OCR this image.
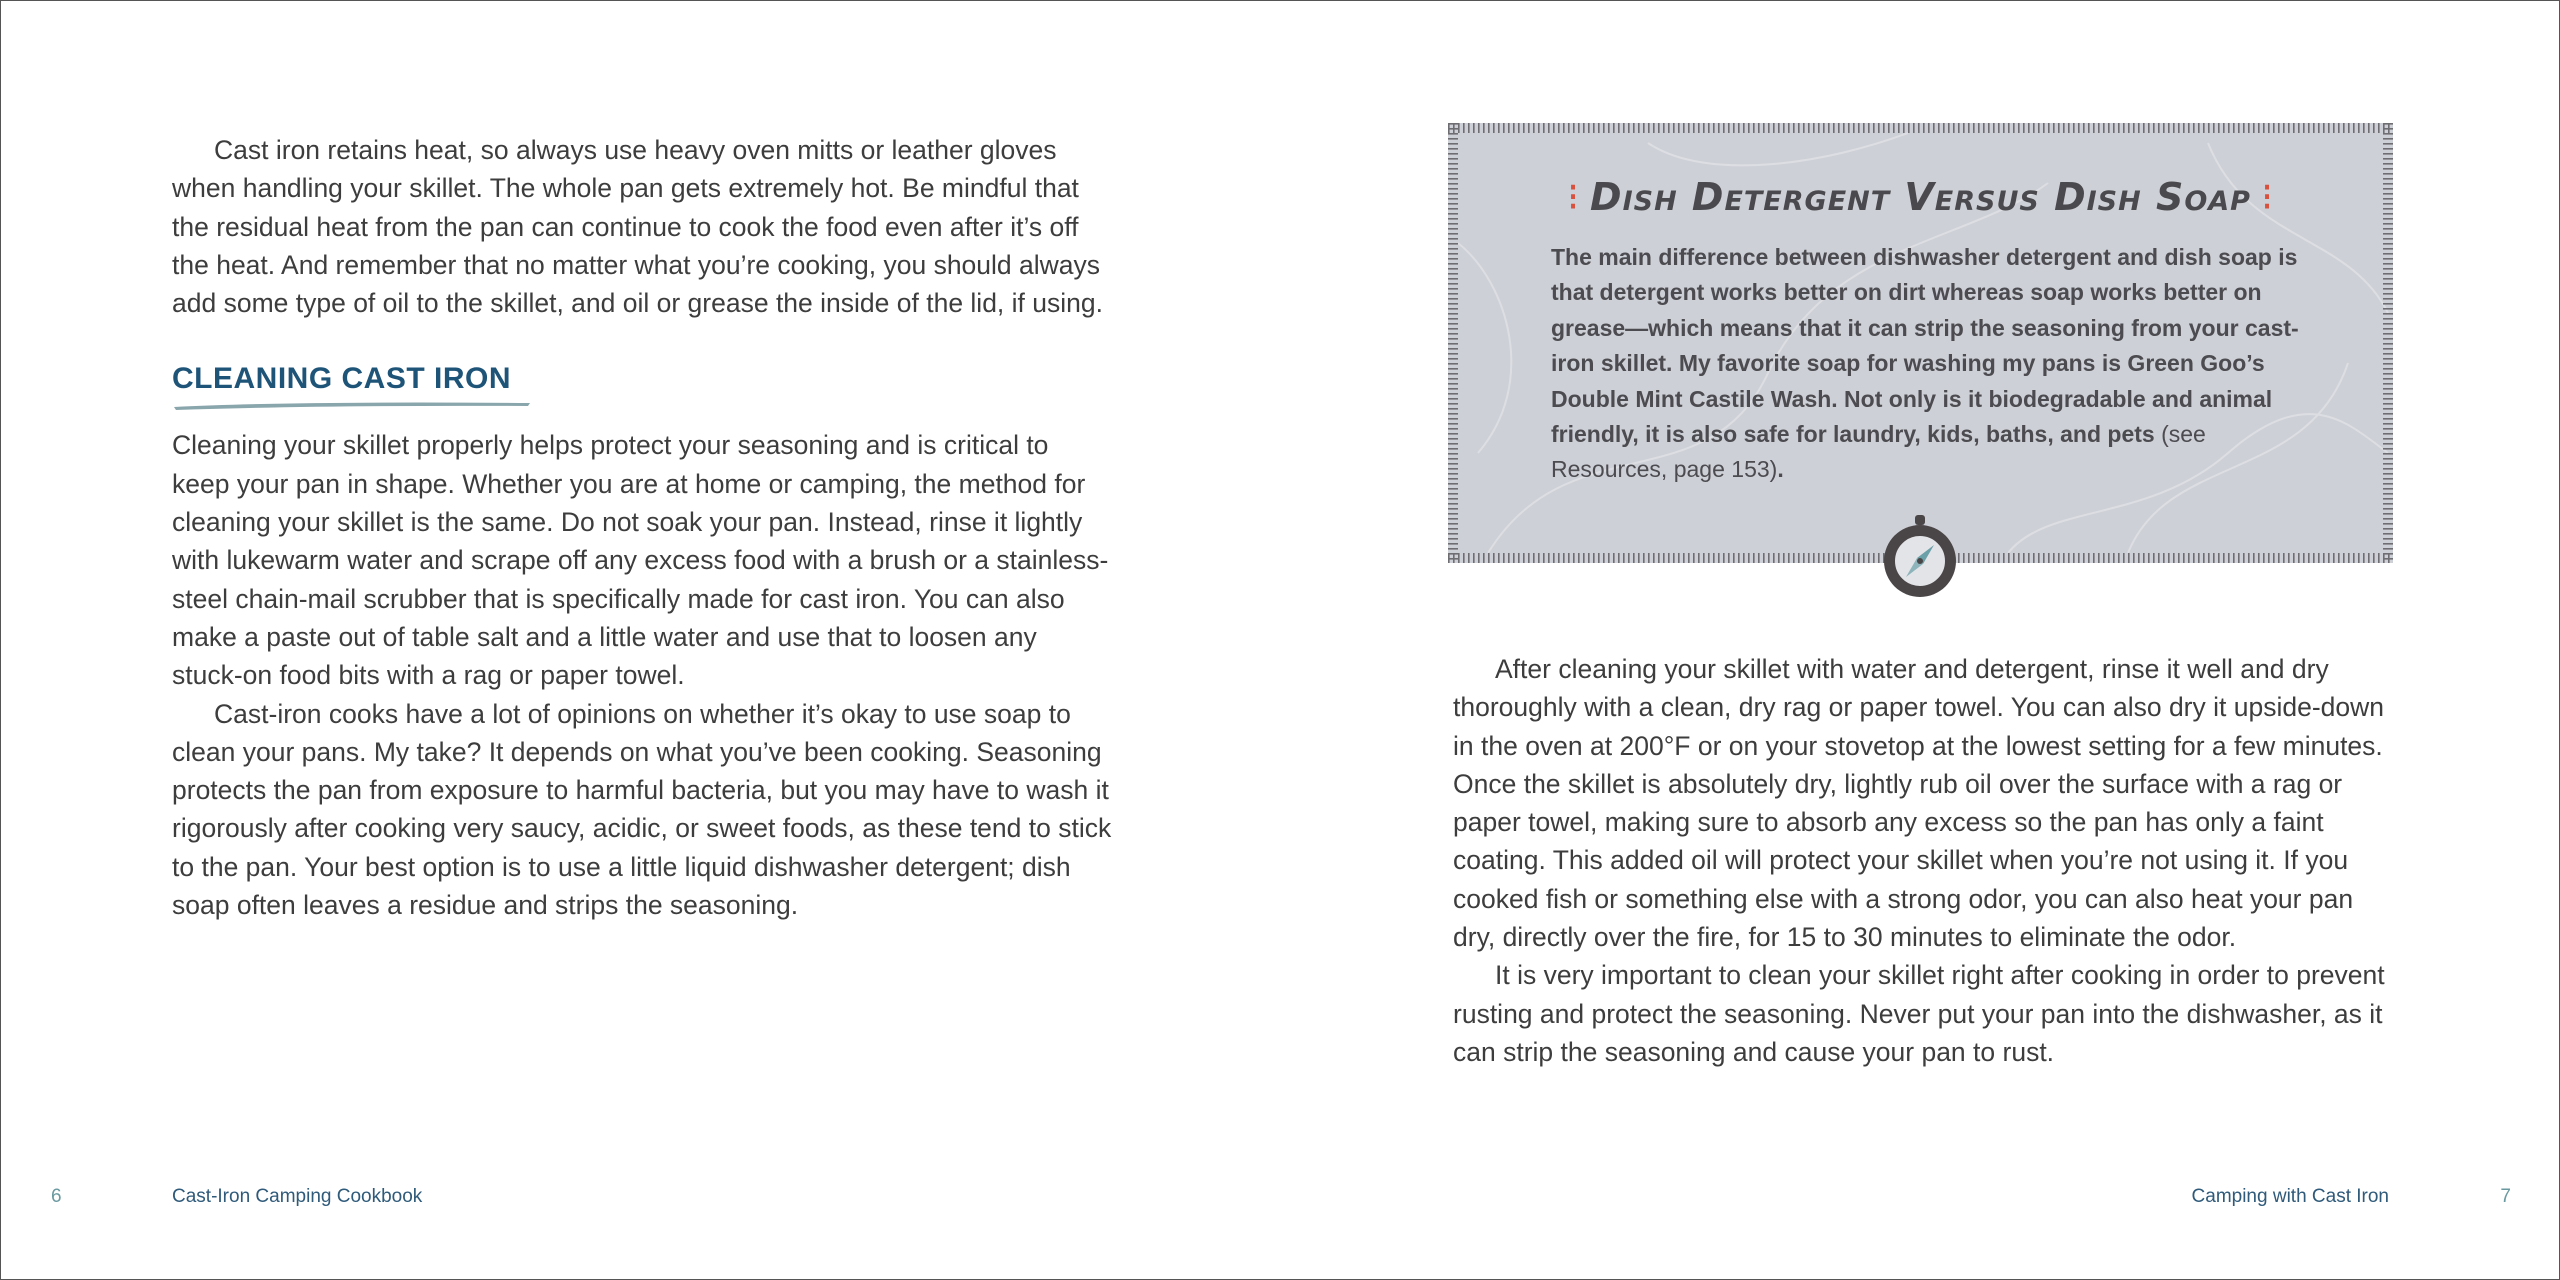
Cast iron retains heat, so always use heavy oven mitts or leather gloves when handling your skillet. The whole pan gets extremely hot. Be mindful that the residual heat from the pan can continue to cook the food even after it’s off the heat. And remember that no matter what you’re cooking, you should always add some type of oil to the skillet, and oil or grease the inside of the lid, if using.

CLEANING CAST IRON

Cleaning your skillet properly helps protect your seasoning and is critical to keep your pan in shape. Whether you are at home or camping, the method for cleaning your skillet is the same. Do not soak your pan. Instead, rinse it lightly with lukewarm water and scrape off any excess food with a brush or a stainless-steel chain-mail scrubber that is specifically made for cast iron. You can also make a paste out of table salt and a little water and use that to loosen any stuck-on food bits with a rag or paper towel.

Cast-iron cooks have a lot of opinions on whether it’s okay to use soap to clean your pans. My take? It depends on what you’ve been cooking. Seasoning protects the pan from exposure to harmful bacteria, but you may have to wash it rigorously after cooking very saucy, acidic, or sweet foods, as these tend to stick to the pan. Your best option is to use a little liquid dishwasher detergent; dish soap often leaves a residue and strips the seasoning.

⁝ Dish Detergent Versus Dish Soap ⁝
The main difference between dishwasher detergent and dish soap is that detergent works better on dirt whereas soap works better on grease—which means that it can strip the seasoning from your cast-iron skillet. My favorite soap for washing my pans is Green Goo’s Double Mint Castile Wash. Not only is it biodegradable and animal friendly, it is also safe for laundry, kids, baths, and pets (see Resources, page 153).

After cleaning your skillet with water and detergent, rinse it well and dry thoroughly with a clean, dry rag or paper towel. You can also dry it upside-down in the oven at 200°F or on your stovetop at the lowest setting for a few minutes. Once the skillet is absolutely dry, lightly rub oil over the surface with a rag or paper towel, making sure to absorb any excess so the pan has only a faint coating. This added oil will protect your skillet when you’re not using it. If you cooked fish or something else with a strong odor, you can also heat your pan dry, directly over the fire, for 15 to 30 minutes to eliminate the odor.

It is very important to clean your skillet right after cooking in order to prevent rusting and protect the seasoning. Never put your pan into the dishwasher, as it can strip the seasoning and cause your pan to rust.

6	Cast-Iron Camping Cookbook	Camping with Cast Iron	7
